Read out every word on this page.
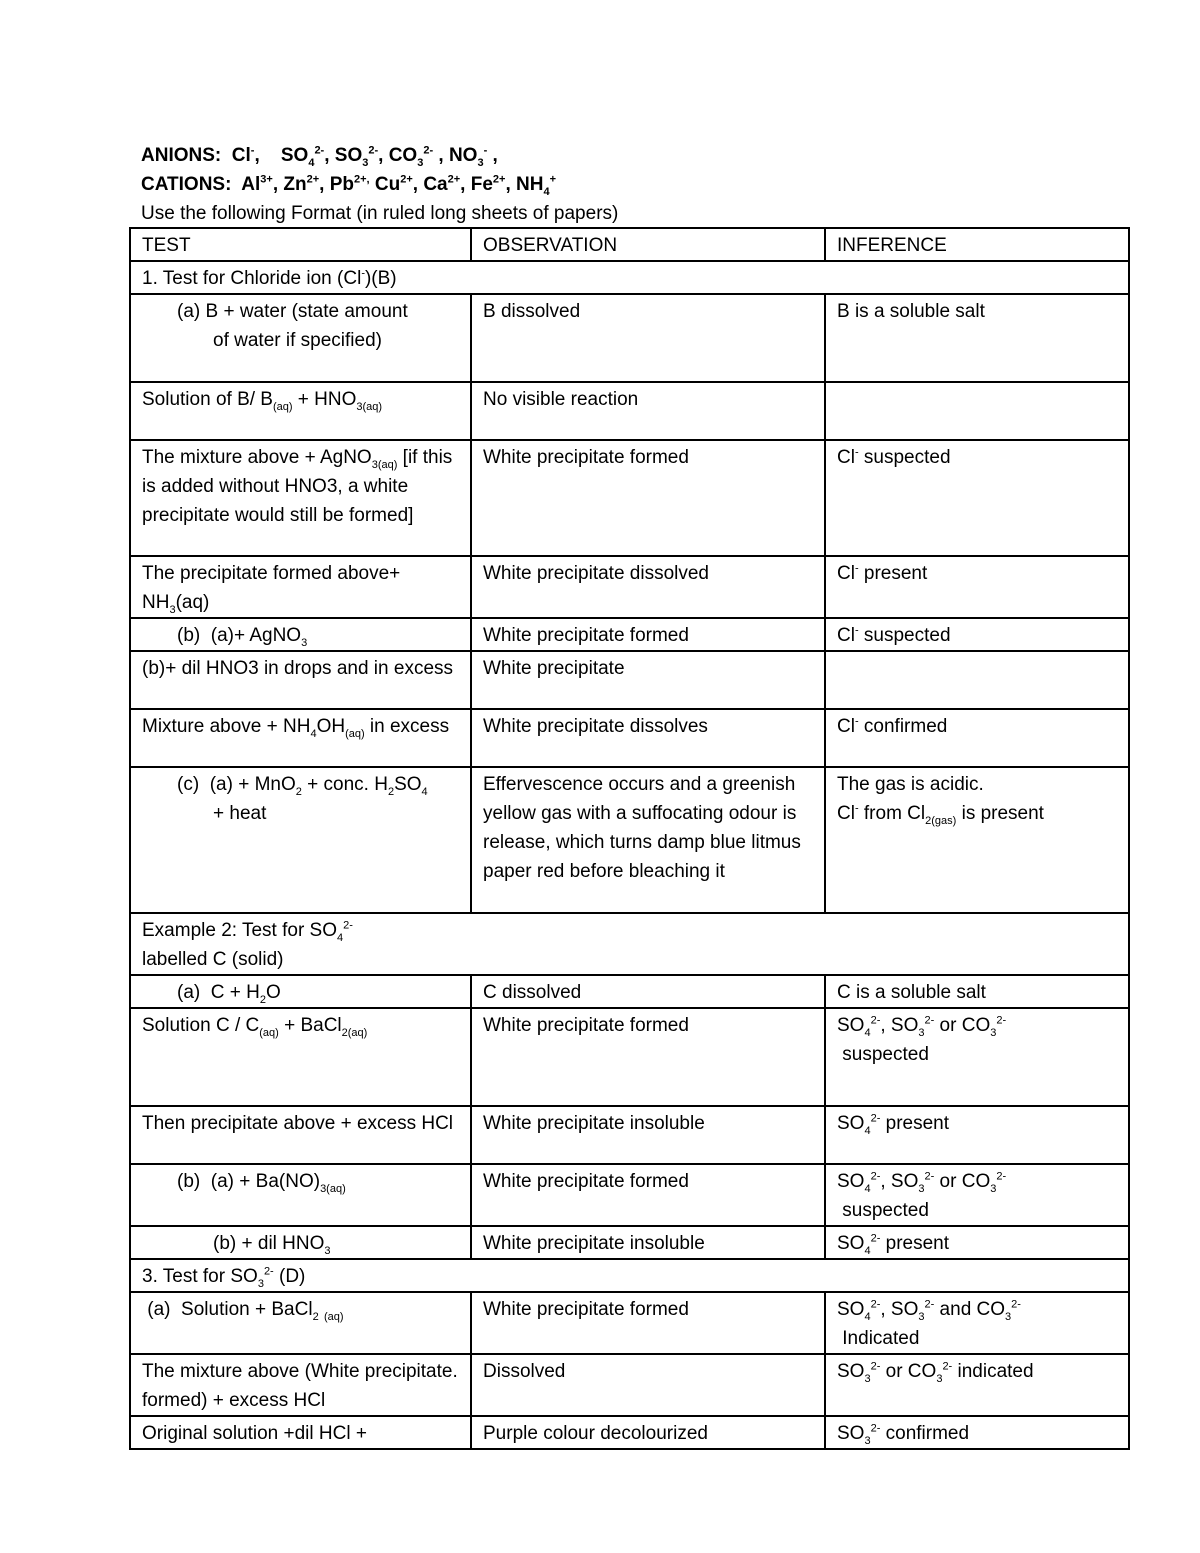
ANIONS:  Cl-,    $SO_4^{2-}$, $SO_3^{2-}$, $CO_3^{2-}$ , $NO_3^-$ ,
CATIONS:  $Al^{3+}$, $Zn^{2+}$, $Pb^{2+,}$ $Cu^{2+}$, $Ca^{2+}$, $Fe^{2+}$, $NH_4^+$
Use the following Format (in ruled long sheets of papers)
TEST	OBSERVATION	INFERENCE
1. Test for Chloride ion (Cl-)(B)		
(a) B + water (state amount
of water if specified)	B dissolved	B is a soluble salt
Solution of B/ $B_{(aq)} + HNO_{3(aq)}$	No visible reaction	
The mixture above + AgNO$_{3(aq)}$ [if this is added without HNO3, a white precipitate would still be formed]	White precipitate formed	Cl- suspected
The precipitate formed above+
$NH_3(aq)$	White precipitate dissolved	Cl- present
(b)  (a)+ AgNO$_3$	White precipitate formed	Cl- suspected
(b)+ dil HNO3 in drops and in excess	White precipitate	
Mixture above + $NH_4OH_{(aq)}$ in excess	White precipitate dissolves	Cl- confirmed
(c)  (a) + MnO$_2$ + conc. $H_2SO_4$
+ heat	Effervescence occurs and a greenish yellow gas with a suffocating odour is release, which turns damp blue litmus paper red before bleaching it	The gas is acidic.
Cl- from $Cl_{2(gas)}$ is present
Example 2: Test for $SO_4^{2-}$
labelled C (solid)		
(a)  $C + H_2O$	C dissolved	C is a soluble salt
Solution C / $C_{(aq)}$ + BaCl$_{2(aq)}$	White precipitate formed	$SO_4^{2-}$, $SO_3^{2-}$ or $CO_3^{2-}$
suspected
Then precipitate above + excess HCl	White precipitate insoluble	$SO_4^{2-}$ present
(b)  $(a) + Ba(NO)_{3(aq)}$	White precipitate formed	$SO_4^{2-}$, $SO_3^{2-}$ or $CO_3^{2-}$
suspected
(b) + dil $HNO_3$	White precipitate insoluble	$SO_4^{2-}$ present
3. Test for $SO_3^{2-}$ (D)		
(a)  Solution + BaCl$_2$ $_{(aq)}$	White precipitate formed	$SO_4^{2-}$, $SO_3^{2-}$ and $CO_3^{2-}$
Indicated
The mixture above (White precipitate. formed) + excess HCl	Dissolved	$SO_3^{2-}$ or $CO_3^{2-}$ indicated
Original solution +dil HCl +	Purple colour decolourized	$SO_3^{2-}$ confirmed
